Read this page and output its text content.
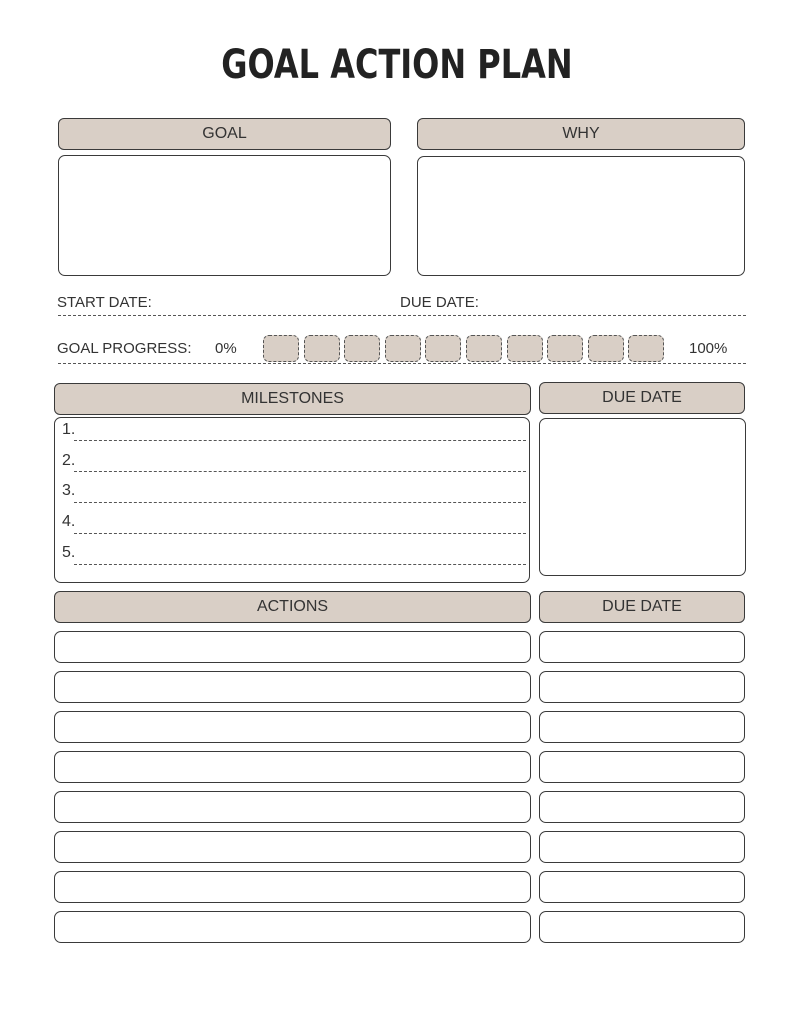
GOAL ACTION PLAN
GOAL	WHY
START DATE:	DUE DATE:
GOAL PROGRESS: 0%	100%
MILESTONES	DUE DATE
1.
2.
3.
4.
5.
ACTIONS	DUE DATE
